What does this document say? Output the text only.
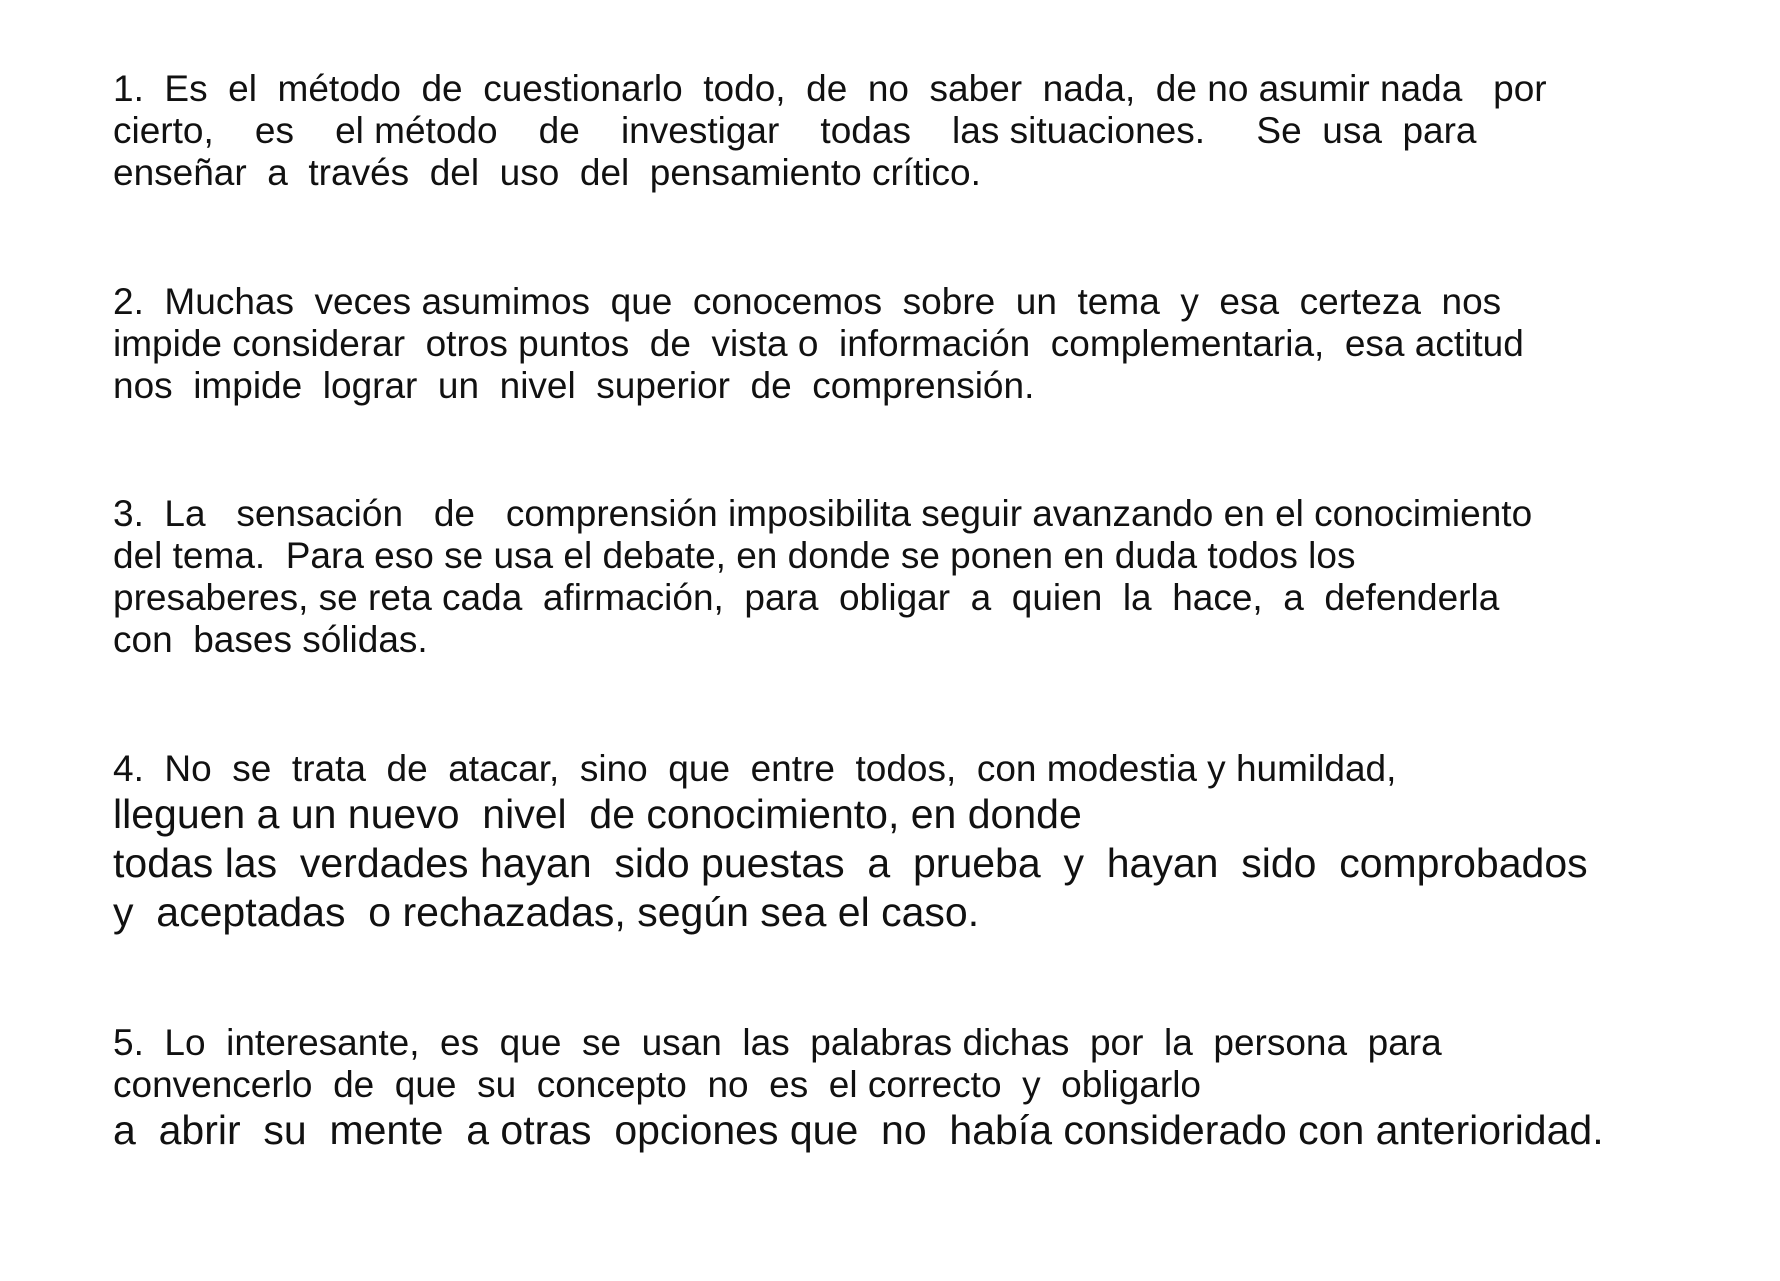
1.  Es  el  método  de  cuestionarlo  todo,  de  no  saber  nada,  de no asumir nada   por
cierto,    es    el método    de    investigar    todas    las situaciones.     Se  usa  para
enseñar  a  través  del  uso  del  pensamiento crítico.
2.  Muchas  veces asumimos  que  conocemos  sobre  un  tema  y  esa  certeza  nos
impide considerar  otros puntos  de  vista o  información  complementaria,  esa actitud
nos  impide  lograr  un  nivel  superior  de  comprensión.
3.  La   sensación   de   comprensión imposibilita seguir avanzando en el conocimiento
del tema.  Para eso se usa el debate, en donde se ponen en duda todos los
presaberes, se reta cada  afirmación,  para  obligar  a  quien  la  hace,  a  defenderla
con  bases sólidas.
4.  No  se  trata  de  atacar,  sino  que  entre  todos,  con modestia y humildad,
lleguen a un nuevo  nivel  de conocimiento, en donde
todas las  verdades hayan  sido puestas  a  prueba  y  hayan  sido  comprobados
y  aceptadas  o rechazadas, según sea el caso.
5.  Lo  interesante,  es  que  se  usan  las  palabras dichas  por  la  persona  para
convencerlo  de  que  su  concepto  no  es  el correcto  y  obligarlo
a  abrir  su  mente  a otras  opciones que  no  había considerado con anterioridad.
